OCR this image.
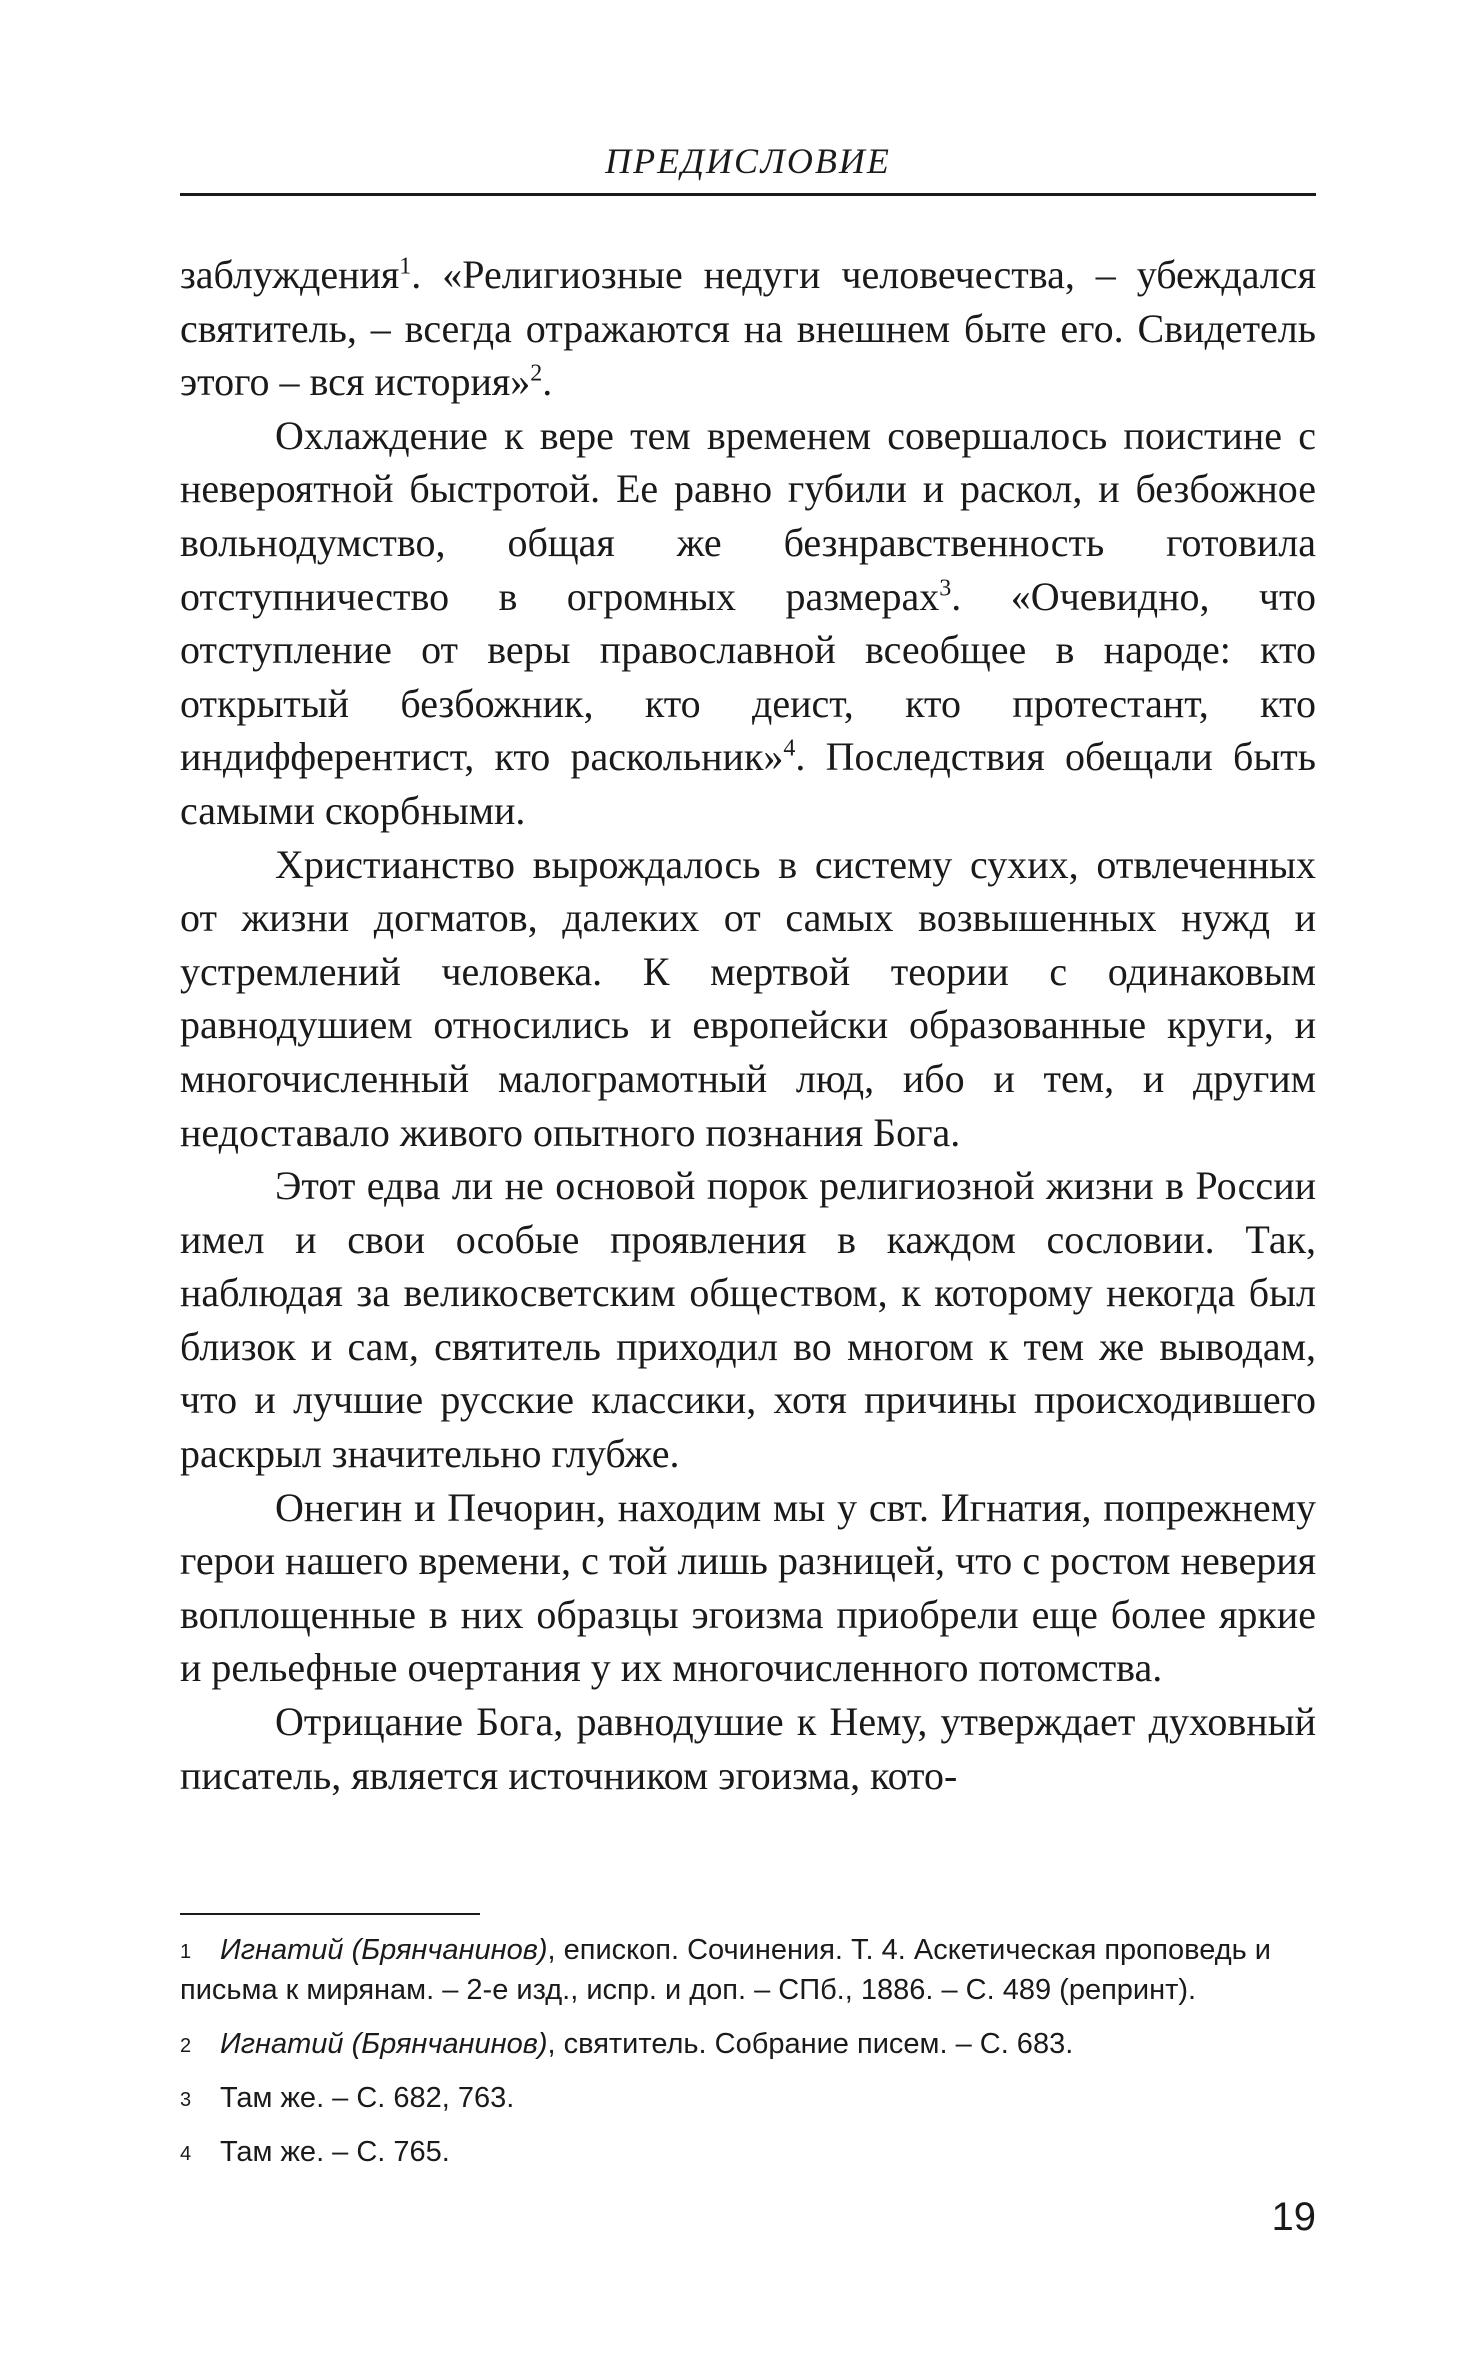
ПРЕДИСЛОВИЕ

заблуждения$^1$. «Религиозные недуги человечества, – убеждался святитель, – всегда отражаются на внешнем быте его. Свидетель этого – вся история»$^2$.

Охлаждение к вере тем временем совершалось поистине с невероятной быстротой. Ее равно губили и раскол, и безбожное вольнодумство, общая же безнравственность готовила отступничество в огромных размерах$^3$. «Очевидно, что отступление от веры православной всеобщее в народе: кто открытый безбожник, кто деист, кто протестант, кто индифферентист, кто раскольник»$^4$. Последствия обещали быть самыми скорбными.

Христианство вырождалось в систему сухих, отвлеченных от жизни догматов, далеких от самых возвышенных нужд и устремлений человека. К мертвой теории с одинаковым равнодушием относились и европейски образованные круги, и многочисленный малограмотный люд, ибо и тем, и другим недоставало живого опытного познания Бога.

Этот едва ли не основой порок религиозной жизни в России имел и свои особые проявления в каждом сословии. Так, наблюдая за великосветским обществом, к которому некогда был близок и сам, святитель приходил во многом к тем же выводам, что и лучшие русские классики, хотя причины происходившего раскрыл значительно глубже.

Онегин и Печорин, находим мы у свт. Игнатия, попрежнему герои нашего времени, с той лишь разницей, что с ростом неверия воплощенные в них образцы эгоизма приобрели еще более яркие и рельефные очертания у их многочисленного потомства.

Отрицание Бога, равнодушие к Нему, утверждает духовный писатель, является источником эгоизма, кото-

1 Игнатий (Брянчанинов), епископ. Сочинения. Т. 4. Аскетическая проповедь и письма к мирянам. – 2-е изд., испр. и доп. – СПб., 1886. – С. 489 (репринт).
2 Игнатий (Брянчанинов), святитель. Собрание писем. – С. 683.
3 Там же. – С. 682, 763.
4 Там же. – С. 765.
19
